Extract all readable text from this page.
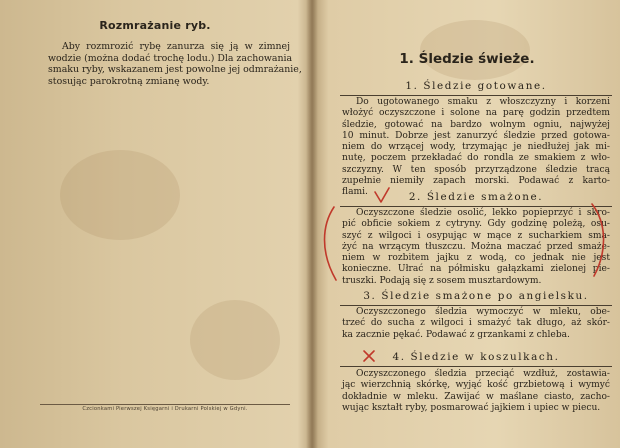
Rozmrażanie ryb.
Aby rozmrozić rybę zanurza się ją w zimnej
wodzie (można dodać trochę lodu.) Dla zachowania
smaku ryby, wskazanem jest powolne jej odmrażanie,
stosując parokrotną zmianę wody.
Czcionkami Pierwszej Księgarni i Drukarni Polskiej w Gdyni.
1. Śledzie świeże.
1. Śledzie gotowane.
Do ugotowanego smaku z włoszczyzny i korzeni
włożyć oczyszczone i solone na parę godzin przedtem
śledzie, gotować na bardzo wolnym ogniu, najwyżej
10 minut. Dobrze jest zanurzyć śledzie przed gotowa-
niem do wrzącej wody, trzymając je niedłużej jak mi-
nutę, poczem przekładać do rondla ze smakiem z wło-
szczyzny. W ten sposób przyrządzone śledzie tracą
zupełnie niemiły zapach morski. Podawać z karto-
flami.	2. Śledzie smażone.
Oczyszczone śledzie osolić, lekko popieprzyć i skro-
pić obficie sokiem z cytryny. Gdy godzinę poleżą, osu-
szyć z wilgoci i osypując w mące z sucharkiem sma-
żyć na wrzącym tłuszczu. Można maczać przed smaże-
niem w rozbitem jajku z wodą, co jednak nie jest
konieczne. Ułrać na półmisku gałązkami zielonej pie-
truszki. Podają się z sosem musztardowym.
3. Śledzie smażone po angielsku.
Oczyszczonego śledzia wymoczyć w mleku, obe-
trzeć do sucha z wilgoci i smażyć tak długo, aż skór-
ka zacznie pękać. Podawać z grzankami z chleba.
4. Śledzie w koszulkach.
Oczyszczonego śledzia przeciąć wzdłuż, zostawia-
jąc wierzchnią skórkę, wyjąć kość grzbietową i wymyć
dokładnie w mleku. Zawijać w maślane ciasto, zacho-
wując kształt ryby, posmarować jajkiem i upiec w piecu.
